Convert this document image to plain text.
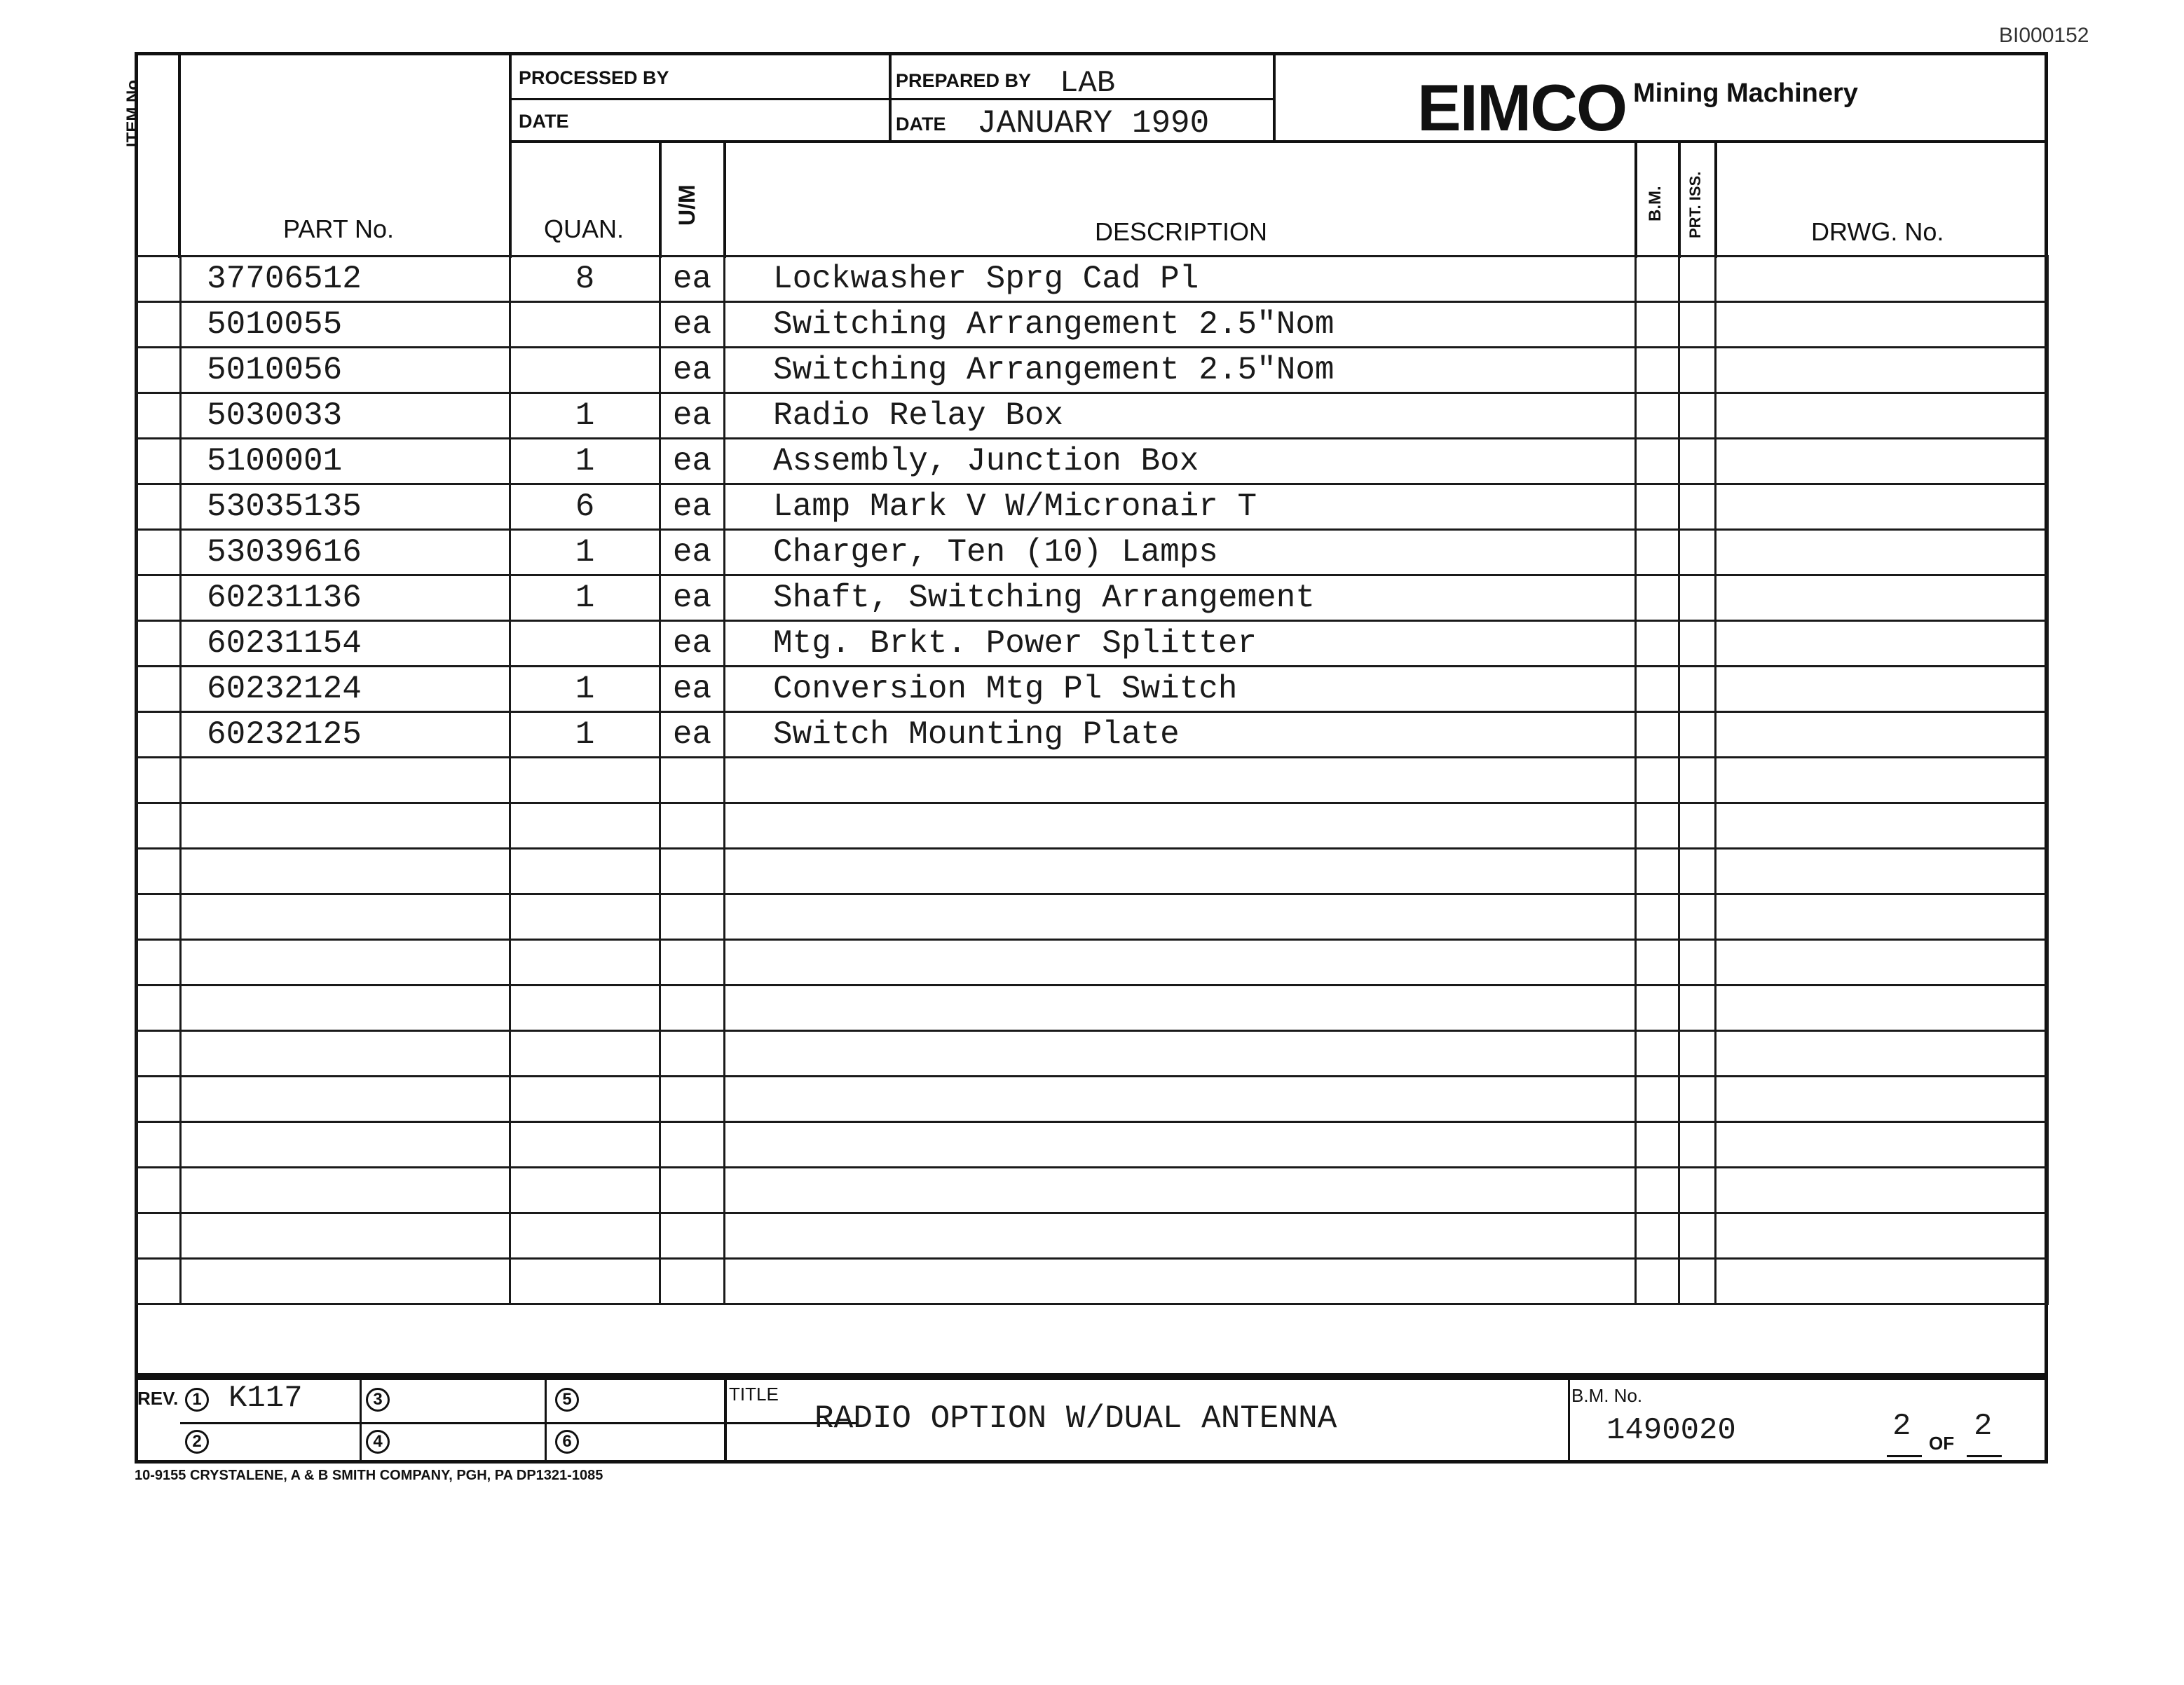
BI000152
ITEM No.	PROCESSED BY
DATE
PREPARED BY LAB
DATE JANUARY 1990	EIMCO Mining Machinery
PART No.	QUAN.
U/M
DESCRIPTION
B.M. PRT. ISS.	DRWG. No.
	37706512	8	ea	Lockwasher Sprg Cad Pl			
	5010055		ea	Switching Arrangement 2.5"Nom			
	5010056		ea	Switching Arrangement 2.5"Nom			
	5030033	1	ea	Radio Relay Box			
	5100001	1	ea	Assembly, Junction Box			
	53035135	6	ea	Lamp Mark V W/Micronair T			
	53039616	1	ea	Charger, Ten (10) Lamps			
	60231136	1	ea	Shaft, Switching Arrangement			
	60231154		ea	Mtg. Brkt. Power Splitter			
	60232124	1	ea	Conversion Mtg Pl Switch			
	60232125	1	ea	Switch Mounting Plate			

REV. 1 K117
2
3
4
5
6
TITLE
RADIO OPTION W/DUAL ANTENNA
B.M. No.
1490020	2 OF 2
10-9155 CRYSTALENE, A & B SMITH COMPANY, PGH, PA DP1321-1085
